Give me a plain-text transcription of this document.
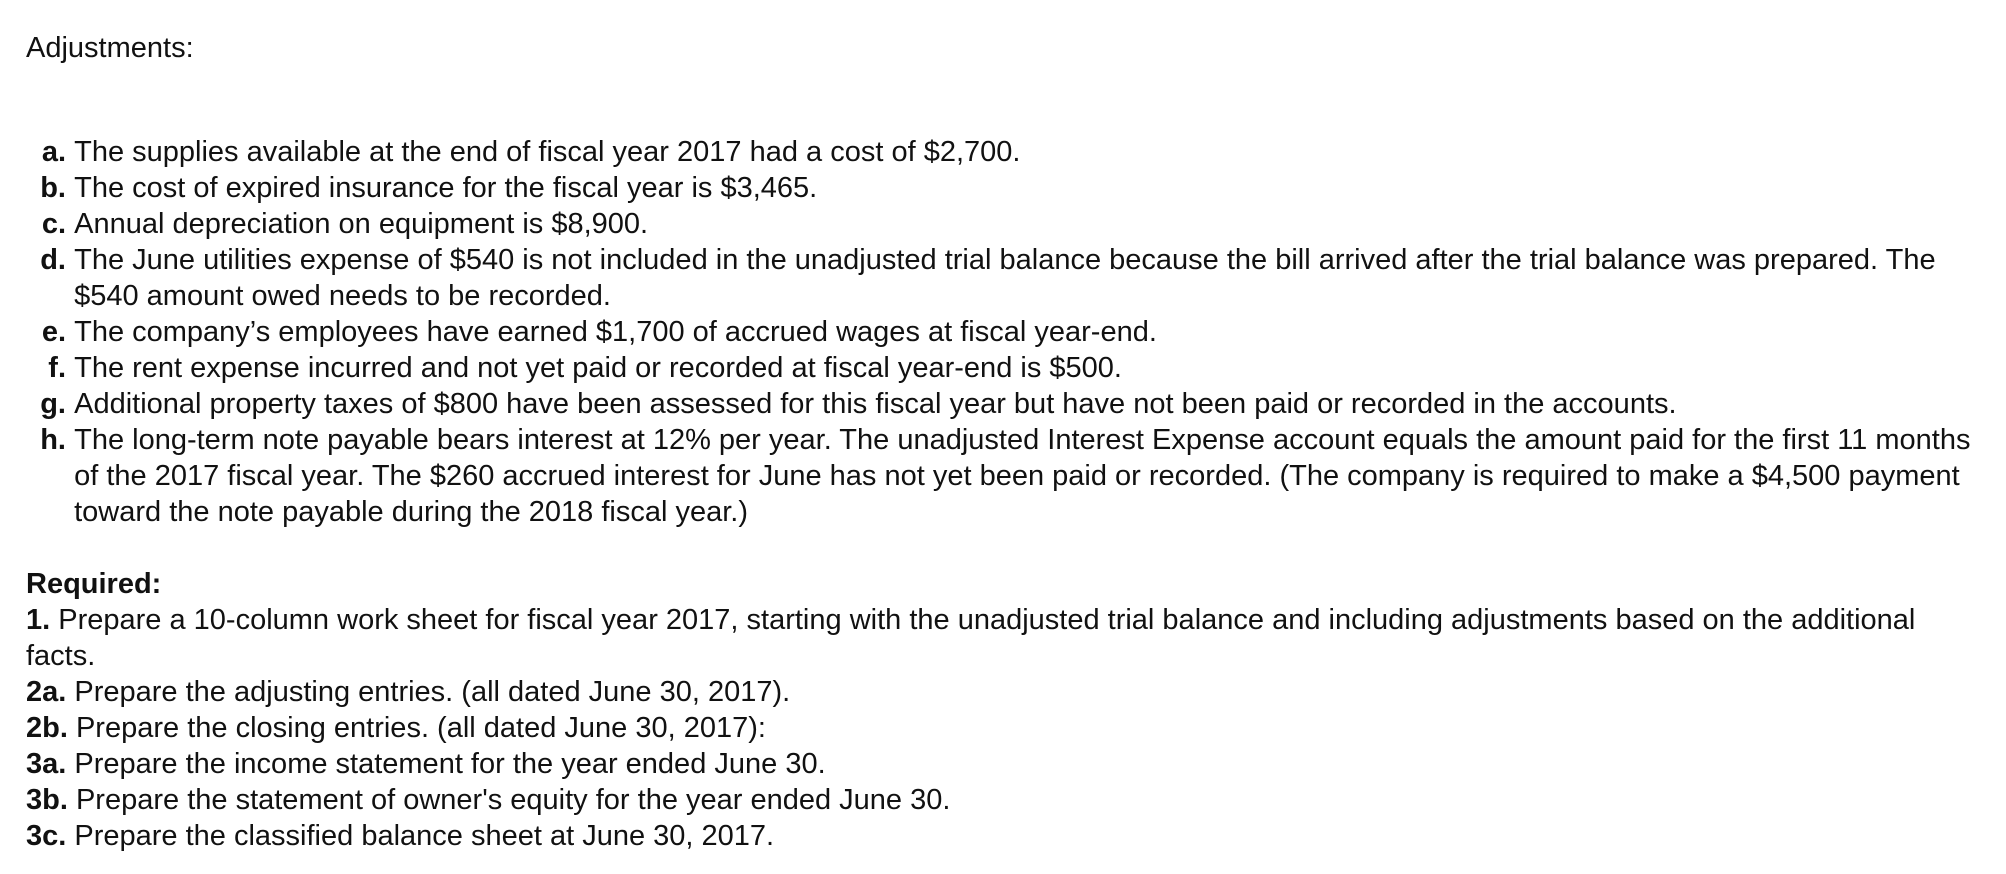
Adjustments:
a. The supplies available at the end of fiscal year 2017 had a cost of $2,700.
b. The cost of expired insurance for the fiscal year is $3,465.
c. Annual depreciation on equipment is $8,900.
d. The June utilities expense of $540 is not included in the unadjusted trial balance because the bill arrived after the trial balance was prepared. The $540 amount owed needs to be recorded.
e. The company’s employees have earned $1,700 of accrued wages at fiscal year-end.
f. The rent expense incurred and not yet paid or recorded at fiscal year-end is $500.
g. Additional property taxes of $800 have been assessed for this fiscal year but have not been paid or recorded in the accounts.
h. The long-term note payable bears interest at 12% per year. The unadjusted Interest Expense account equals the amount paid for the first 11 months of the 2017 fiscal year. The $260 accrued interest for June has not yet been paid or recorded. (The company is required to make a $4,500 payment toward the note payable during the 2018 fiscal year.)
Required:
1. Prepare a 10-column work sheet for fiscal year 2017, starting with the unadjusted trial balance and including adjustments based on the additional facts.
2a. Prepare the adjusting entries. (all dated June 30, 2017).
2b. Prepare the closing entries. (all dated June 30, 2017):
3a. Prepare the income statement for the year ended June 30.
3b. Prepare the statement of owner's equity for the year ended June 30.
3c. Prepare the classified balance sheet at June 30, 2017.
